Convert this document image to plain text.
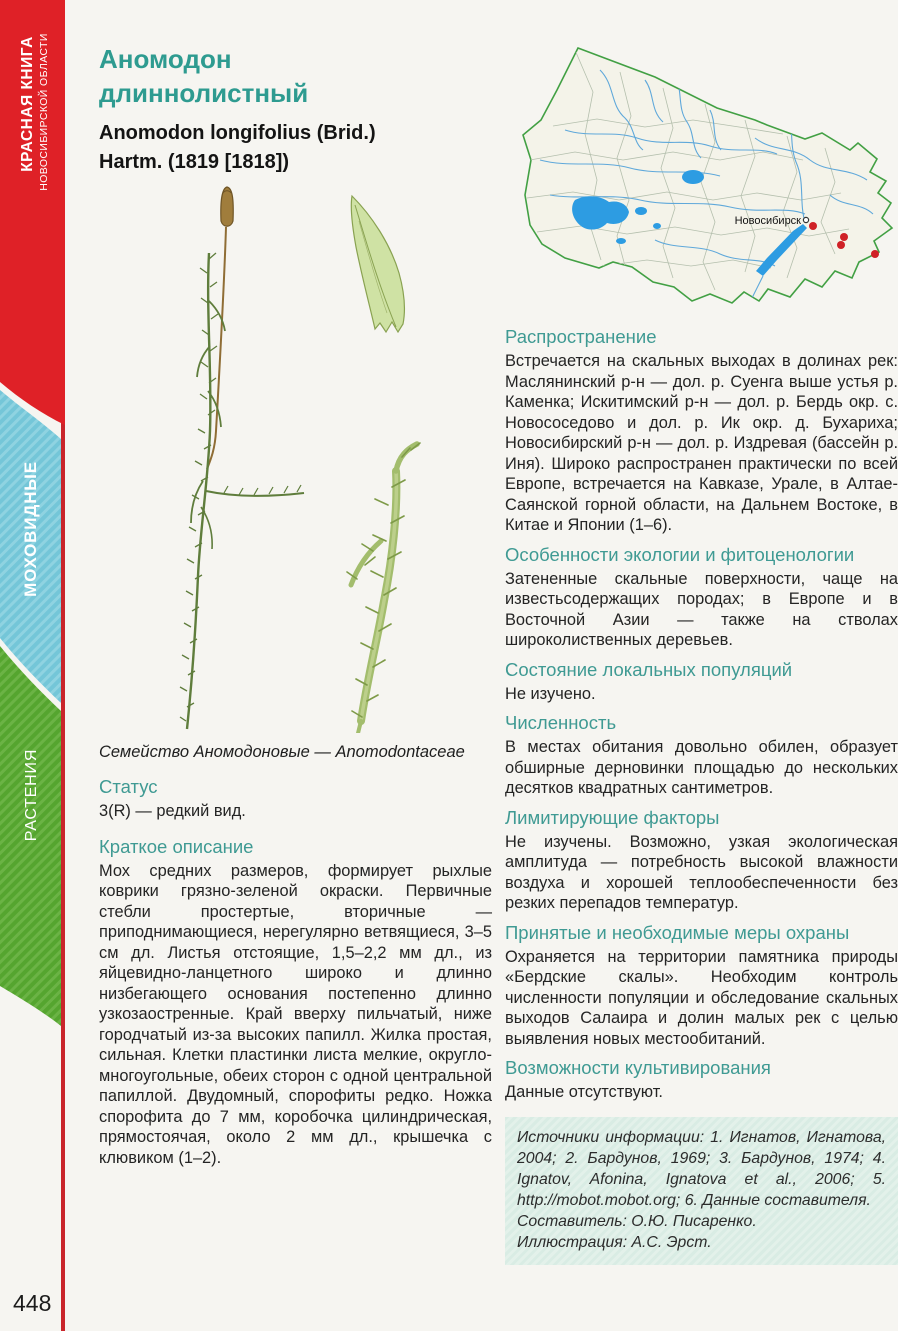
КРАСНАЯ КНИГА НОВОСИБИРСКОЙ ОБЛАСТИ
МОХОВИДНЫЕ
РАСТЕНИЯ
448
Аномодон
длиннолистный
Anomodon longifolius (Brid.)
Hartm. (1819 [1818])
Семейство Аномодоновые — Anomodontaceae
Статус

3(R) — редкий вид.

Краткое описание

Мох средних размеров, формирует рыхлые коврики грязно-зеленой окраски. Первичные стебли простертые, вторичные — приподнимающиеся, нерегулярно ветвящиеся, 3–5 см дл. Листья отстоящие, 1,5–2,2 мм дл., из яйцевидно-ланцетного широко и длинно низбегающего основания постепенно длинно узкозаостренные. Край вверху пильчатый, ниже городчатый из-за высоких папилл. Жилка простая, сильная. Клетки пластинки листа мелкие, округло-многоугольные, обеих сторон с одной центральной папиллой. Двудомный, спорофиты редко. Ножка спорофита до 7 мм, коробочка цилиндрическая, прямостоячая, около 2 мм дл., крышечка с клювиком (1–2).

Новосибирск
Распространение

Встречается на скальных выходах в долинах рек: Маслянинский р-н — дол. р. Суенга выше устья р. Каменка; Искитимский р-н — дол. р. Бердь окр. с. Новососедово и дол. р. Ик окр. д. Бухариха; Новосибирский р-н — дол. р. Издревая (бассейн р. Иня). Широко распространен практически по всей Европе, встречается на Кавказе, Урале, в Алтае-Саянской горной области, на Дальнем Востоке, в Китае и Японии (1–6).

Особенности экологии и фитоценологии

Затененные скальные поверхности, чаще на известьсодержащих породах; в Европе и в Восточной Азии — также на стволах широколиственных деревьев.

Состояние локальных популяций

Не изучено.

Численность

В местах обитания довольно обилен, образует обширные дерновинки площадью до нескольких десятков квадратных сантиметров.

Лимитирующие факторы

Не изучены. Возможно, узкая экологическая амплитуда — потребность высокой влажности воздуха и хорошей теплообеспеченности без резких перепадов температур.

Принятые и необходимые меры охраны

Охраняется на территории памятника природы «Бердские скалы». Необходим контроль численности популяции и обследование скальных выходов Салаира и долин малых рек с целью выявления новых местообитаний.

Возможности культивирования

Данные отсутствуют.

Источники информации: 1. Игнатов, Игнатова, 2004; 2. Бардунов, 1969; 3. Бардунов, 1974; 4. Ignatov, Afonina, Ignatova et al., 2006; 5. http://mobot.mobot.org; 6. Данные составителя.

Составитель: О.Ю. Писаренко.

Иллюстрация: А.С. Эрст.
